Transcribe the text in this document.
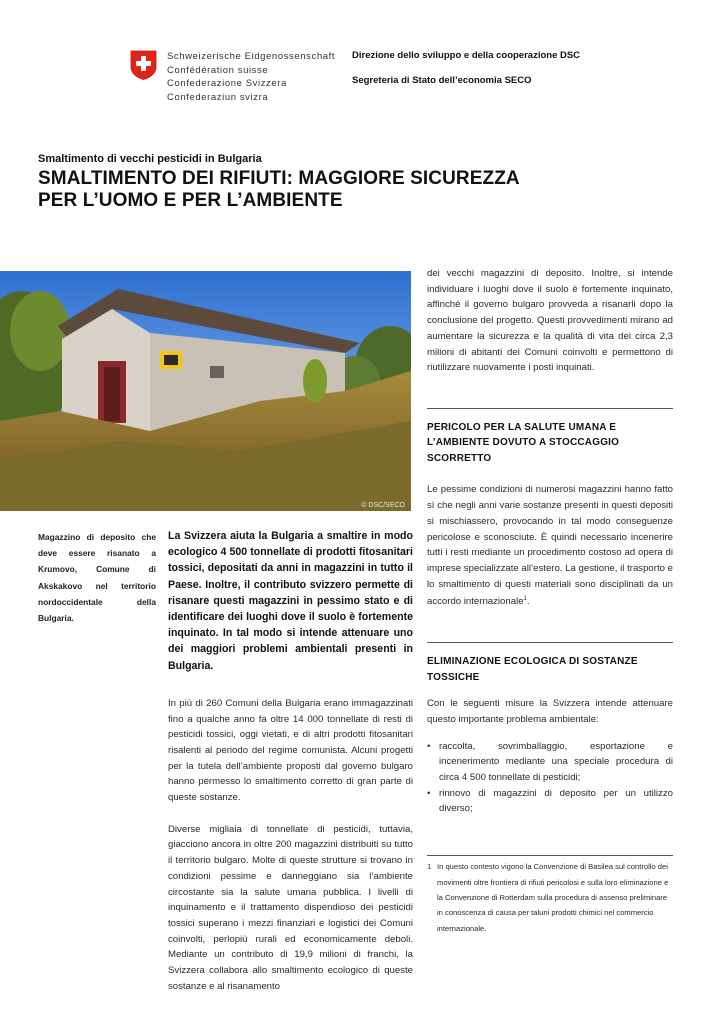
Schweizerische Eidgenossenschaft
Confédération suisse
Confederazione Svizzera
Confederaziun svizra
Direzione dello sviluppo e della cooperazione DSC
Segreteria di Stato dell’economia SECO
Smaltimento di vecchi pesticidi in Bulgaria
SMALTIMENTO DEI RIFIUTI: MAGGIORE SICUREZZA
PER L’UOMO E PER L’AMBIENTE
© DSC/SECO
Magazzino di deposito che deve essere risanato a Krumovo, Comune di Akskakovo nel territorio nordoccidentale della Bulgaria.
La Svizzera aiuta la Bulgaria a smaltire in modo ecologico 4 500 tonnellate di prodotti fitosanitari tossici, depositati da anni in magazzini in tutto il Paese. Inoltre, il contributo svizzero permette di risanare questi magazzini in pessimo stato e di identificare dei luoghi dove il suolo è fortemente inquinato. In tal modo si intende attenuare uno dei maggiori problemi ambientali presenti in Bulgaria.
In più di 260 Comuni della Bulgaria erano immagazzinati fino a qualche anno fa oltre 14 000 tonnellate di resti di pesticidi tossici, oggi vietati, e di altri prodotti fitosanitari risalenti al periodo del regime comunista. Alcuni progetti per la tutela dell’ambiente proposti dal governo bulgaro hanno permesso lo smaltimento corretto di gran parte di queste sostanze.
Diverse migliaia di tonnellate di pesticidi, tuttavia, giacciono ancora in oltre 200 magazzini distribuiti su tutto il territorio bulgaro. Molte di queste strutture si trovano in condizioni pessime e danneggiano sia l’ambiente circostante sia la salute umana pubblica. I livelli di inquinamento e il trattamento dispendioso dei pesticidi tossici superano i mezzi finanziari e logistici dei Comuni coinvolti, perlopiù rurali ed economicamente deboli. Mediante un contributo di 19,9 milioni di franchi, la Svizzera collabora allo smaltimento ecologico di queste sostanze e al risanamento
dei vecchi magazzini di deposito. Inoltre, si intende individuare i luoghi dove il suolo è fortemente inquinato, affinché il governo bulgaro provveda a risanarli dopo la conclusione del progetto. Questi provvedimenti mirano ad aumentare la sicurezza e la qualità di vita dei circa 2,3 milioni di abitanti dei Comuni coinvolti e permettono di riutilizzare nuovamente i posti inquinati.
PERICOLO PER LA SALUTE UMANA E
L’AMBIENTE DOVUTO A STOCCAGGIO
SCORRETTO
Le pessime condizioni di numerosi magazzini hanno fatto sì che negli anni varie sostanze presenti in questi depositi si mischiassero, provocando in tal modo conseguenze pericolose e sconosciute. È quindi necessario incenerire tutti i resti mediante un procedimento costoso ad opera di imprese specializzate all’estero. La gestione, il trasporto e lo smaltimento di questi materiali sono disciplinati da un accordo internazionale$^1$.
ELIMINAZIONE ECOLOGICA DI SOSTANZE
TOSSICHE
Con le seguenti misure la Svizzera intende attenuare questo importante problema ambientale:
• raccolta, sovrimballaggio, esportazione e incenerimento mediante una speciale procedura di circa 4 500 tonnellate di pesticidi;
• rinnovo di magazzini di deposito per un utilizzo diverso;
1 In questo contesto vigono la Convenzione di Basilea sul controllo dei movimenti oltre frontiera di rifiuti pericolosi e sulla loro eliminazione e la Convenzione di Rotterdam sulla procedura di assenso preliminare in conoscenza di causa per taluni prodotti chimici nel commercio internazionale.
